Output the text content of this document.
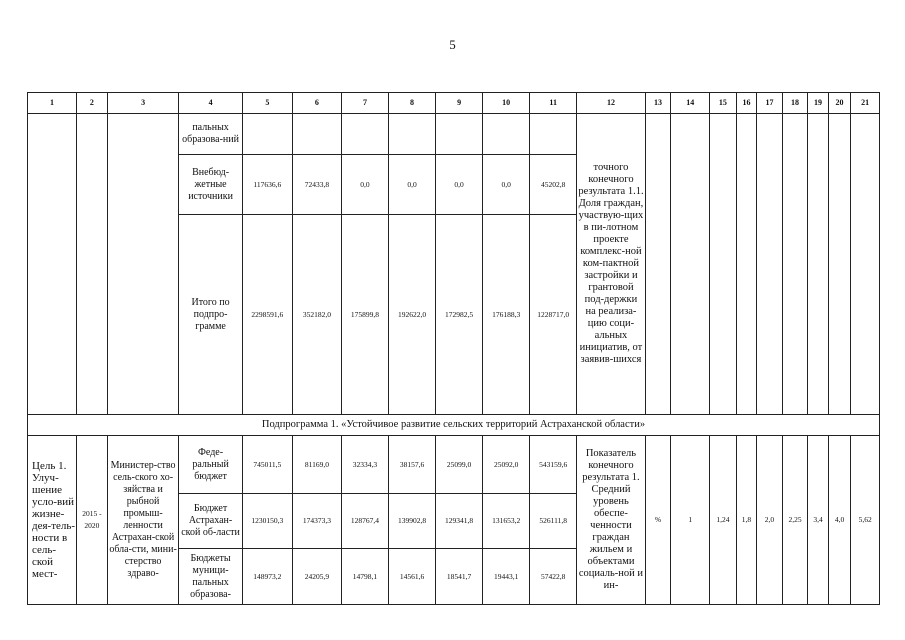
5
1	2	3	4	5	6	7	8	9	10	11	12	13	14	15	16	17	18	19	20	21
			пальных образова-ний								точного конечного результата 1.1. Доля граждан, участвую-щих в пи-лотном проекте комплекс-ной ком-пактной застройки и грантовой под-держки на реализа-цию соци-альных инициатив, от заявив-шихся									
			Внебюд-жетные источники	117636,6	72433,8	0,0	0,0	0,0	0,0	45202,8										
			Итого по подпро-грамме	2298591,6	352182,0	175899,8	192622,0	172982,5	176188,3	1228717,0										
Подпрограмма 1. «Устойчивое развитие сельских территорий Астраханской области»																				
Цель 1. Улуч-шение усло-вий жизне-дея-тель-ности в сель-ской мест-	2015 - 2020	Министер-ство сель-ского хо-зяйства и рыбной промыш-ленности Астрахан-ской обла-сти, мини-стерство здраво-	Феде-ральный бюджет	745011,5	81169,0	32334,3	38157,6	25099,0	25092,0	543159,6	Показатель конечного результата 1. Средний уровень обеспе-ченности граждан жильем и объектами социаль-ной и ин-	%	1	1,24	1,8	2,0	2,25	3,4	4,0	5,62
			Бюджет Астрахан-ской об-ласти	1230150,3	174373,3	128767,4	139902,8	129341,8	131653,2	526111,8										
			Бюджеты муници-пальных образова-	148973,2	24205,9	14798,1	14561,6	18541,7	19443,1	57422,8										
